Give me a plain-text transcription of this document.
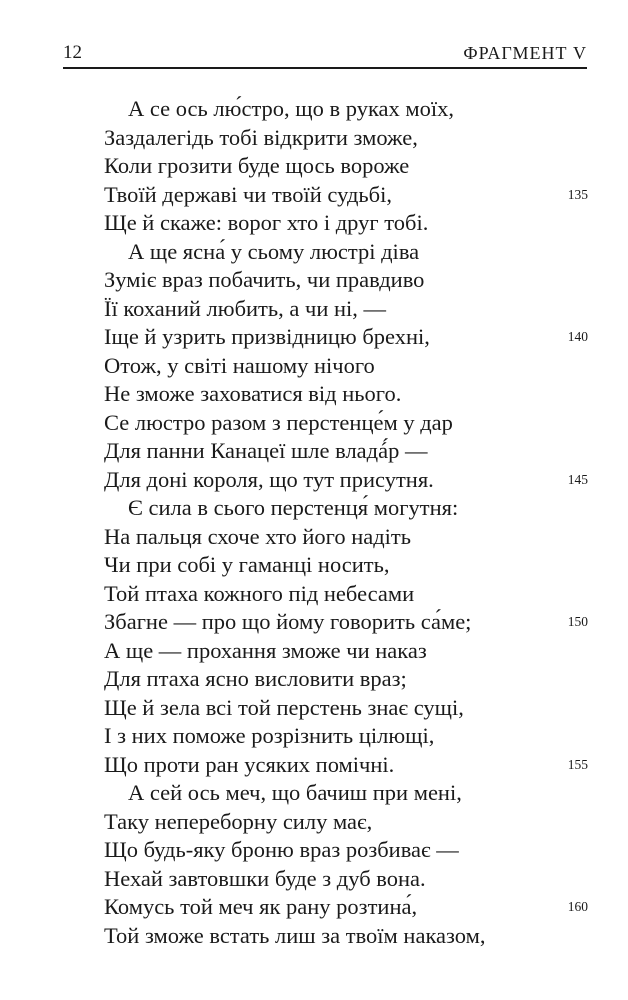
12	ФРАГМЕНТ V
А се ось лю́стро, що в руках моїх,
Заздалегідь тобі відкрити зможе,
Коли грозити буде щось вороже
Твоїй державі чи твоїй судьбі,	135
Ще й скаже: ворог хто і друг тобі.
А ще ясна́ у сьому люстрі діва
Зуміє враз побачить, чи правдиво
Її коханий любить, а чи ні, —
Іще й узрить призвідницю брехні,	140
Отож, у світі нашому нічого
Не зможе заховатися від нього.
Се люстро разом з перстенце́м у дар
Для панни Канацеї шле владá́р —
Для доні короля, що тут присутня.	145
Є сила в сього перстенця́ могутня:
На пальця схоче хто його надіть
Чи при собі у гаманці носить,
Той птаха кожного під небесами
Збагне — про що йому говорить са́ме;	150
А ще — прохання зможе чи наказ
Для птаха ясно висловити враз;
Ще й зела всі той перстень знає сущі,
І з них поможе розрізнить цілющі,
Що проти ран усяких помічні.	155
А сей ось меч, що бачиш при мені,
Таку непереборну силу має,
Що будь-яку броню враз розбиває —
Нехай завтовшки буде з дуб вона.
Комусь той меч як рану розтина́,	160
Той зможе встать лиш за твоїм наказом,
